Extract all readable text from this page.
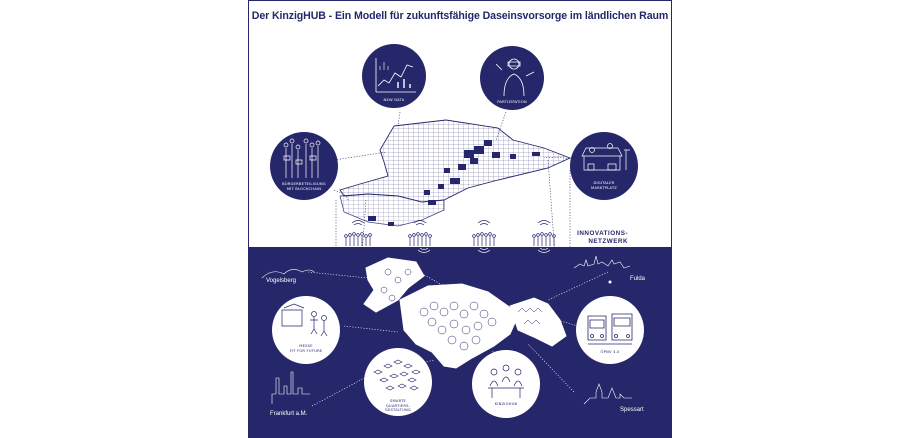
Der KinzigHUB - Ein Modell für zukunftsfähige Daseinsvorsorge im ländlichen Raum
NEW DATA	PARTIZIPATION
BÜRGERBETEILIGUNG
MIT BLOCKCHAIN
DIGITALER
MARKTPLATZ
MESSE
FIT FOR FUTURE	ÖPNV 4.0
SMARTE
QUARTIERS-
GESTALTUNG
KINZIGHUB
INNOVATIONS-
NETZWERK
Vogelsberg	Fulda
Frankfurt a.M.
Spessart
